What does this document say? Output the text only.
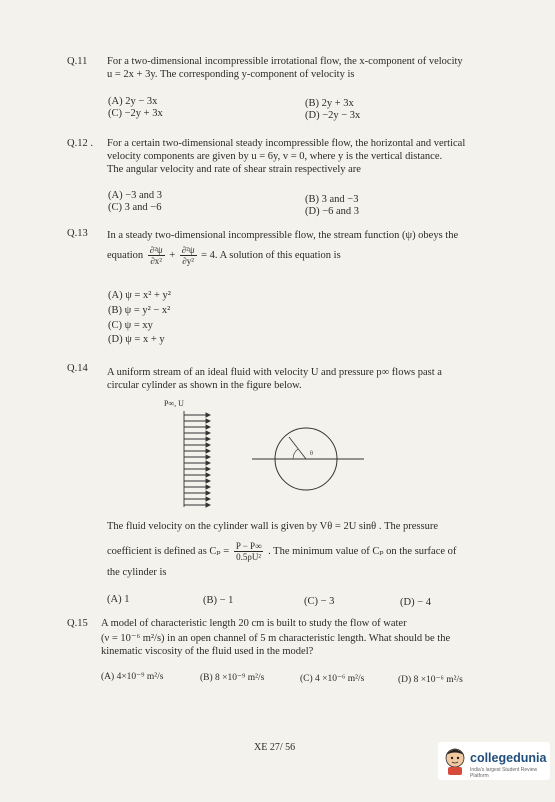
Q.11 For a two-dimensional incompressible irrotational flow, the x-component of velocity
u = 2x + 3y. The corresponding y-component of velocity is
(A) 2y − 3x	(B) 2y + 3x
(C) −2y + 3x	(D) −2y − 3x
Q.12 . For a certain two-dimensional steady incompressible flow, the horizontal and vertical
velocity components are given by u = 6y, v = 0, where y is the vertical distance.
The angular velocity and rate of shear strain respectively are
(A) −3 and 3	(B) 3 and −3
(C) 3 and −6	(D) −6 and 3
Q.13 In a steady two-dimensional incompressible flow, the stream function (ψ) obeys the
equation $\frac{\text{∂²ψ}}{\text{∂x²}} + \frac{\text{∂²ψ}}{\text{∂y²}} = 4$. A solution of this equation is
(A) ψ = x² + y²
(B) ψ = y² − x²
(C) ψ = xy
(D) ψ = x + y
Q.14 A uniform stream of an ideal fluid with velocity U and pressure p∞ flows past a
circular cylinder as shown in the figure below.
P∞, U
θ
The fluid velocity on the cylinder wall is given by Vθ = 2U sinθ . The pressure
coefficient is defined as $C_p = \frac{P - P\infty}{\text{0.5ρU²}}$ . The minimum value of Cₚ on the surface of
the cylinder is
(A) 1	(B) − 1	(C) − 3	(D) − 4
Q.15 A model of characteristic length 20 cm is built to study the flow of water
(ν = 10⁻⁶ m²/s) in an open channel of 5 m characteristic length. What should be the
kinematic viscosity of the fluid used in the model?
(A) 4×10⁻⁹ m²/s	(B) 8 ×10⁻⁹ m²/s	(C) 4 ×10⁻⁶ m²/s	(D) 8 ×10⁻⁶ m²/s
XE 27/ 56
collegedunia
India's largest Student Review Platform
